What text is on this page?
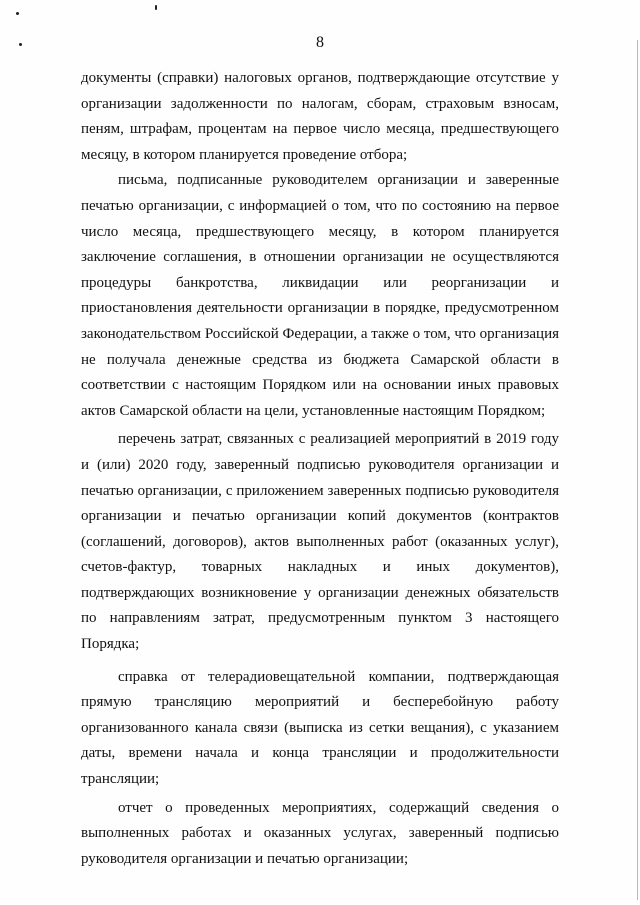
8

документы (справки) налоговых органов, подтверждающие отсутствие у организации задолженности по налогам, сборам, страховым взносам, пеням, штрафам, процентам на первое число месяца, предшествующего месяцу, в котором планируется проведение отбора;

письма, подписанные руководителем организации и заверенные печатью организации, с информацией о том, что по состоянию на первое число месяца, предшествующего месяцу, в котором планируется заключение соглашения, в отношении организации не осуществляются процедуры банкротства, ликвидации или реорганизации и приостановления деятельности организации в порядке, предусмотренном законодательством Российской Федерации, а также о том, что организация не получала денежные средства из бюджета Самарской области в соответствии с настоящим Порядком или на основании иных правовых актов Самарской области на цели, установленные настоящим Порядком;

перечень затрат, связанных с реализацией мероприятий в 2019 году и (или) 2020 году, заверенный подписью руководителя организации и печатью организации, с приложением заверенных подписью руководителя организации и печатью организации копий документов (контрактов (соглашений, договоров), актов выполненных работ (оказанных услуг), счетов-фактур, товарных накладных и иных документов), подтверждающих возникновение у организации денежных обязательств по направлениям затрат, предусмотренным пунктом 3 настоящего Порядка;

справка от телерадиовещательной компании, подтверждающая прямую трансляцию мероприятий и бесперебойную работу организованного канала связи (выписка из сетки вещания), с указанием даты, времени начала и конца трансляции и продолжительности трансляции;

отчет о проведенных мероприятиях, содержащий сведения о выполненных работах и оказанных услугах, заверенный подписью руководителя организации и печатью организации;
